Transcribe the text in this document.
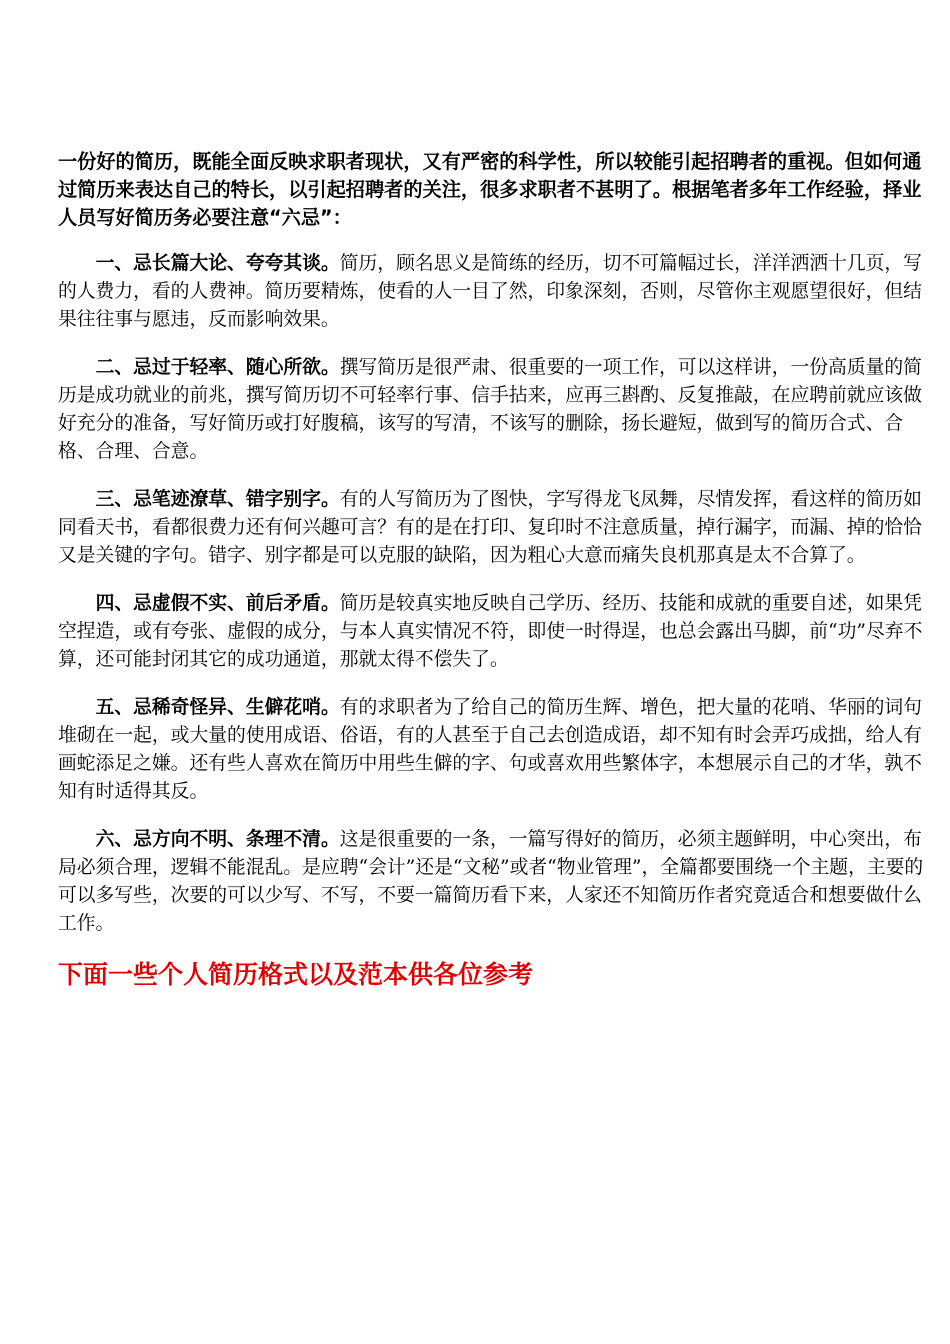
一份好的简历，既能全面反映求职者现状，又有严密的科学性，所以较能引起招聘者的重视。但如何通过简历来表达自己的特长，以引起招聘者的关注，很多求职者不甚明了。根据笔者多年工作经验，择业人员写好简历务必要注意“六忌”：

一、忌长篇大论、夸夸其谈。简历，顾名思义是简练的经历，切不可篇幅过长，洋洋洒洒十几页，写的人费力，看的人费神。简历要精炼，使看的人一目了然，印象深刻，否则，尽管你主观愿望很好，但结果往往事与愿违，反而影响效果。

二、忌过于轻率、随心所欲。撰写简历是很严肃、很重要的一项工作，可以这样讲，一份高质量的简历是成功就业的前兆，撰写简历切不可轻率行事、信手拈来，应再三斟酌、反复推敲，在应聘前就应该做好充分的准备，写好简历或打好腹稿，该写的写清，不该写的删除，扬长避短，做到写的简历合式、合格、合理、合意。

三、忌笔迹潦草、错字别字。有的人写简历为了图快，字写得龙飞凤舞，尽情发挥，看这样的简历如同看天书，看都很费力还有何兴趣可言？有的是在打印、复印时不注意质量，掉行漏字，而漏、掉的恰恰又是关键的字句。错字、别字都是可以克服的缺陷，因为粗心大意而痛失良机那真是太不合算了。

四、忌虚假不实、前后矛盾。简历是较真实地反映自己学历、经历、技能和成就的重要自述，如果凭空捏造，或有夸张、虚假的成分，与本人真实情况不符，即使一时得逞，也总会露出马脚，前“功”尽弃不算，还可能封闭其它的成功通道，那就太得不偿失了。

五、忌稀奇怪异、生僻花哨。有的求职者为了给自己的简历生辉、增色，把大量的花哨、华丽的词句堆砌在一起，或大量的使用成语、俗语，有的人甚至于自己去创造成语，却不知有时会弄巧成拙，给人有画蛇添足之嫌。还有些人喜欢在简历中用些生僻的字、句或喜欢用些繁体字，本想展示自己的才华，孰不知有时适得其反。

六、忌方向不明、条理不清。这是很重要的一条，一篇写得好的简历，必须主题鲜明，中心突出，布局必须合理，逻辑不能混乱。是应聘“会计”还是“文秘”或者“物业管理”，全篇都要围绕一个主题，主要的可以多写些，次要的可以少写、不写，不要一篇简历看下来，人家还不知简历作者究竟适合和想要做什么工作。

下面一些个人简历格式以及范本供各位参考
